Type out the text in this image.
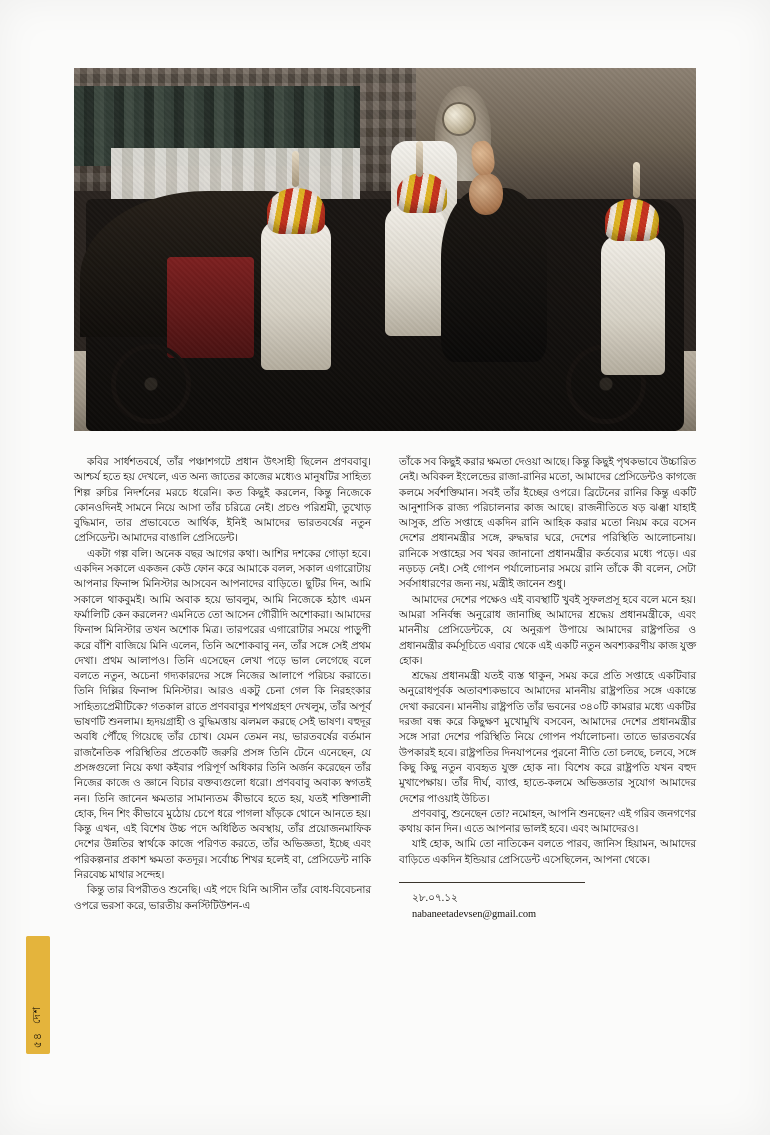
কবির সার্ধশতবর্ষে, তাঁর পঞ্চাশগটে প্রধান উৎসাহী ছিলেন প্রণববাবু। আশ্চর্য হতে হয় দেখলে, এত অন্য জাতের কাজের মধ্যেও মানুষটির সাহিত্য শিল্প রুচির নিদর্শনের মরচে ধরেনি। কত কিছুই করলেন, কিন্তু নিজেকে কোনওদিনই সামনে নিয়ে আসা তাঁর চরিত্রে নেই। প্রচণ্ড পরিশ্রমী, তুখোড় বুদ্ধিমান, তার প্রভাবেতে আর্থিক, ইনিই আমাদের ভারতবর্ষের নতুন প্রেসিডেন্ট। আমাদের বাঙালি প্রেসিডেন্ট।

একটা গল্প বলি। অনেক বছর আগের কথা। আশির দশকের গোড়া হবে। একদিন সকালে একজন কেউ ফোন করে আমাকে বলল, সকাল এগারোটায় আপনার ফিনান্স মিনিস্টার আসবেন আপনাদের বাড়িতে। ছুটির দিন, আমি সকালে থাকবুমই। আমি অবাক হয়ে ভাবলুম, আমি নিজেকে হঠাৎ এমন ফর্মালিটি কেন করলেন? এমনিতে তো আসেন গৌরীদি অশোকরা। আমাদের ফিনান্স মিনিস্টার তখন অশোক মিত্র। তারপরের এগারোটার সময়ে পাড়ুপী করে বাঁশি বাজিয়ে মিনি এলেন, তিনি অশোকবাবু নন, তাঁর সঙ্গে সেই প্রথম দেখা। প্রথম আলাপও। তিনি এসেছেন লেখা পড়ে ভাল লেগেছে বলে বলতে নতুন, অচেনা গদ্যকারদের সঙ্গে নিজের আলাপে পরিচয় করাতে। তিনি দিল্লির ফিনান্স মিনিস্টার। আরও একটু চেনা গেল কি নিরহংকার সাহিত্যপ্রেমীটিকে? গতকাল রাতে প্রণববাবুর শপথগ্রহণ দেখলুম, তাঁর অপূর্ব ভাষণটি শুনলাম। হৃদয়গ্রাহী ও বুদ্ধিমত্তায় ঝলমল করছে সেই ভাষণ। বহুদূর অবধি পৌঁছে গিয়েছে তাঁর চোখ। যেমন তেমন নয়, ভারতবর্ষের বর্তমান রাজনৈতিক পরিস্থিতির প্রতেকটি জরুরি প্রসঙ্গ তিনি টেনে এনেছেন, যে প্রসঙ্গগুলো নিয়ে কথা কইবার পরিপূর্ণ অধিকার তিনি অর্জন করেছেন তাঁর নিজের কাজে ও জ্ঞানে বিচার বক্তব্যগুলো ধরো। প্রণববাবু অবাক্য স্বগতই নন। তিনি জানেন ক্ষমতার সামান্যতম কীভাবে হতে হয়, যতই শক্তিশালী হোক, দিন শিং কীভাবে মুঠোয় চেপে ধরে পাগলা ষাঁড়কে থোনে আনতে হয়। কিন্তু এখন, এই বিশেষ উচ্চ পদে অধিষ্ঠিত অবস্থায়, তাঁর প্রয়োজনমাফিক দেশের উন্নতির স্বার্থকে কাজে পরিণত করতে, তাঁর অভিজ্ঞতা, ইচ্ছে এবং পরিকল্পনার প্রকাশ ক্ষমতা কতদূর। সর্বোচ্চ শিখর হলেই বা, প্রেসিডেন্ট নাকি নিরবেচ্চ মাথার সন্দেহ।

কিন্তু তার বিপরীতও শুনেছি। এই পদে যিনি আসীন তাঁর বোধ-বিবেচনার ওপরে ভরসা করে, ভারতীয় কনস্টিটিউশন-এ

তাঁকে সব কিছুই করার ক্ষমতা দেওয়া আছে। কিন্তু কিছুই পৃথকভাবে উচ্চারিত নেই। অবিকল ইংলেন্ডের রাজা-রানির মতো, আমাদের প্রেসিডেন্টও কাগজে কলমে সর্বশক্তিমান। সবই তাঁর ইচ্ছের ওপরে। ব্রিটেনের রানির কিন্তু একটি আনুশাসিক রাজ্য পরিচালনার কাজ আছে। রাজনীতিতে ষড় ঝঞ্ঝা যাহাই আসুক, প্রতি সপ্তাহে একদিন রানি আহিক করার মতো নিয়ম করে বসেন দেশের প্রধানমন্ত্রীর সঙ্গে, রুদ্ধদ্বার ঘরে, দেশের পরিস্থিতি আলোচনায়। রানিকে সপ্তাহের সব খবর জানানো প্রধানমন্ত্রীর কর্তব্যের মধ্যে পড়ে। এর নড়চড় নেই। সেই গোপন পর্যালোচনার সময়ে রানি তাঁকে কী বলেন, সেটা সর্বসাধারণের জন্য নয়, মন্ত্রীই জানেন শুধু।

আমাদের দেশের পক্ষেও এই ব্যবস্থাটি খুবই সুফলপ্রসূ হবে বলে মনে হয়। আমরা সনির্বন্ধ অনুরোধ জানাচ্ছি আমাদের শ্রদ্ধেয় প্রধানমন্ত্রীকে, এবং মাননীয় প্রেসিডেন্টকে, যে অনুরূপ উপায়ে আমাদের রাষ্ট্রপতির ও প্রধানমন্ত্রীর কর্মসূচিতে এবার থেকে এই একটি নতুন অবশ্যকরণীয় কাজ যুক্ত হোক।

শ্রদ্ধেয় প্রধানমন্ত্রী যতই ব্যস্ত থাকুন, সময় করে প্রতি সপ্তাহে একটিবার অনুরোধপূর্বক অতাবশ্যকভাবে আমাদের মাননীয় রাষ্ট্রপতির সঙ্গে একান্তে দেখা করবেন। মাননীয় রাষ্ট্রপতি তাঁর ভবনের ৩৪০টি কামরার মধ্যে একটির দরজা বন্ধ করে কিছুক্ষণ মুখোমুখি বসবেন, আমাদের দেশের প্রধানমন্ত্রীর সঙ্গে সারা দেশের পরিস্থিতি নিয়ে গোপন পর্যালোচনা। তাতে ভারতবর্ষের উপকারই হবে। রাষ্ট্রপতির দিনযাপনের পুরনো নীতি তো চলছে, চলবে, সঙ্গে কিছু কিছু নতুন ব্যবহৃত যুক্ত হোক না। বিশেষ করে রাষ্ট্রপতি যখন বহুদ মুখাপেক্ষায়। তাঁর দীর্ঘ, ব্যাপ্ত, হাতে-কলমে অভিজ্ঞতার সুযোগ আমাদের দেশের পাওয়াই উচিত।

প্রণববাবু, শুনেছেন তো? নমোহন, আপনি শুনছেন? এই গরিব জনগণের কথায় কান দিন। এতে আপনার ভালই হবে। এবং আমাদেরও।

যাই হোক, আমি তো নাতিকেন বলতে পারব, জানিস হিয়ামন, আমাদের বাড়িতে একদিন ইন্ডিয়ার প্রেসিডেন্ট এসেছিলেন, আপনা থেকে।

২৮.০৭.১২

nabaneetadevsen@gmail.com

৫৪
দেশ
